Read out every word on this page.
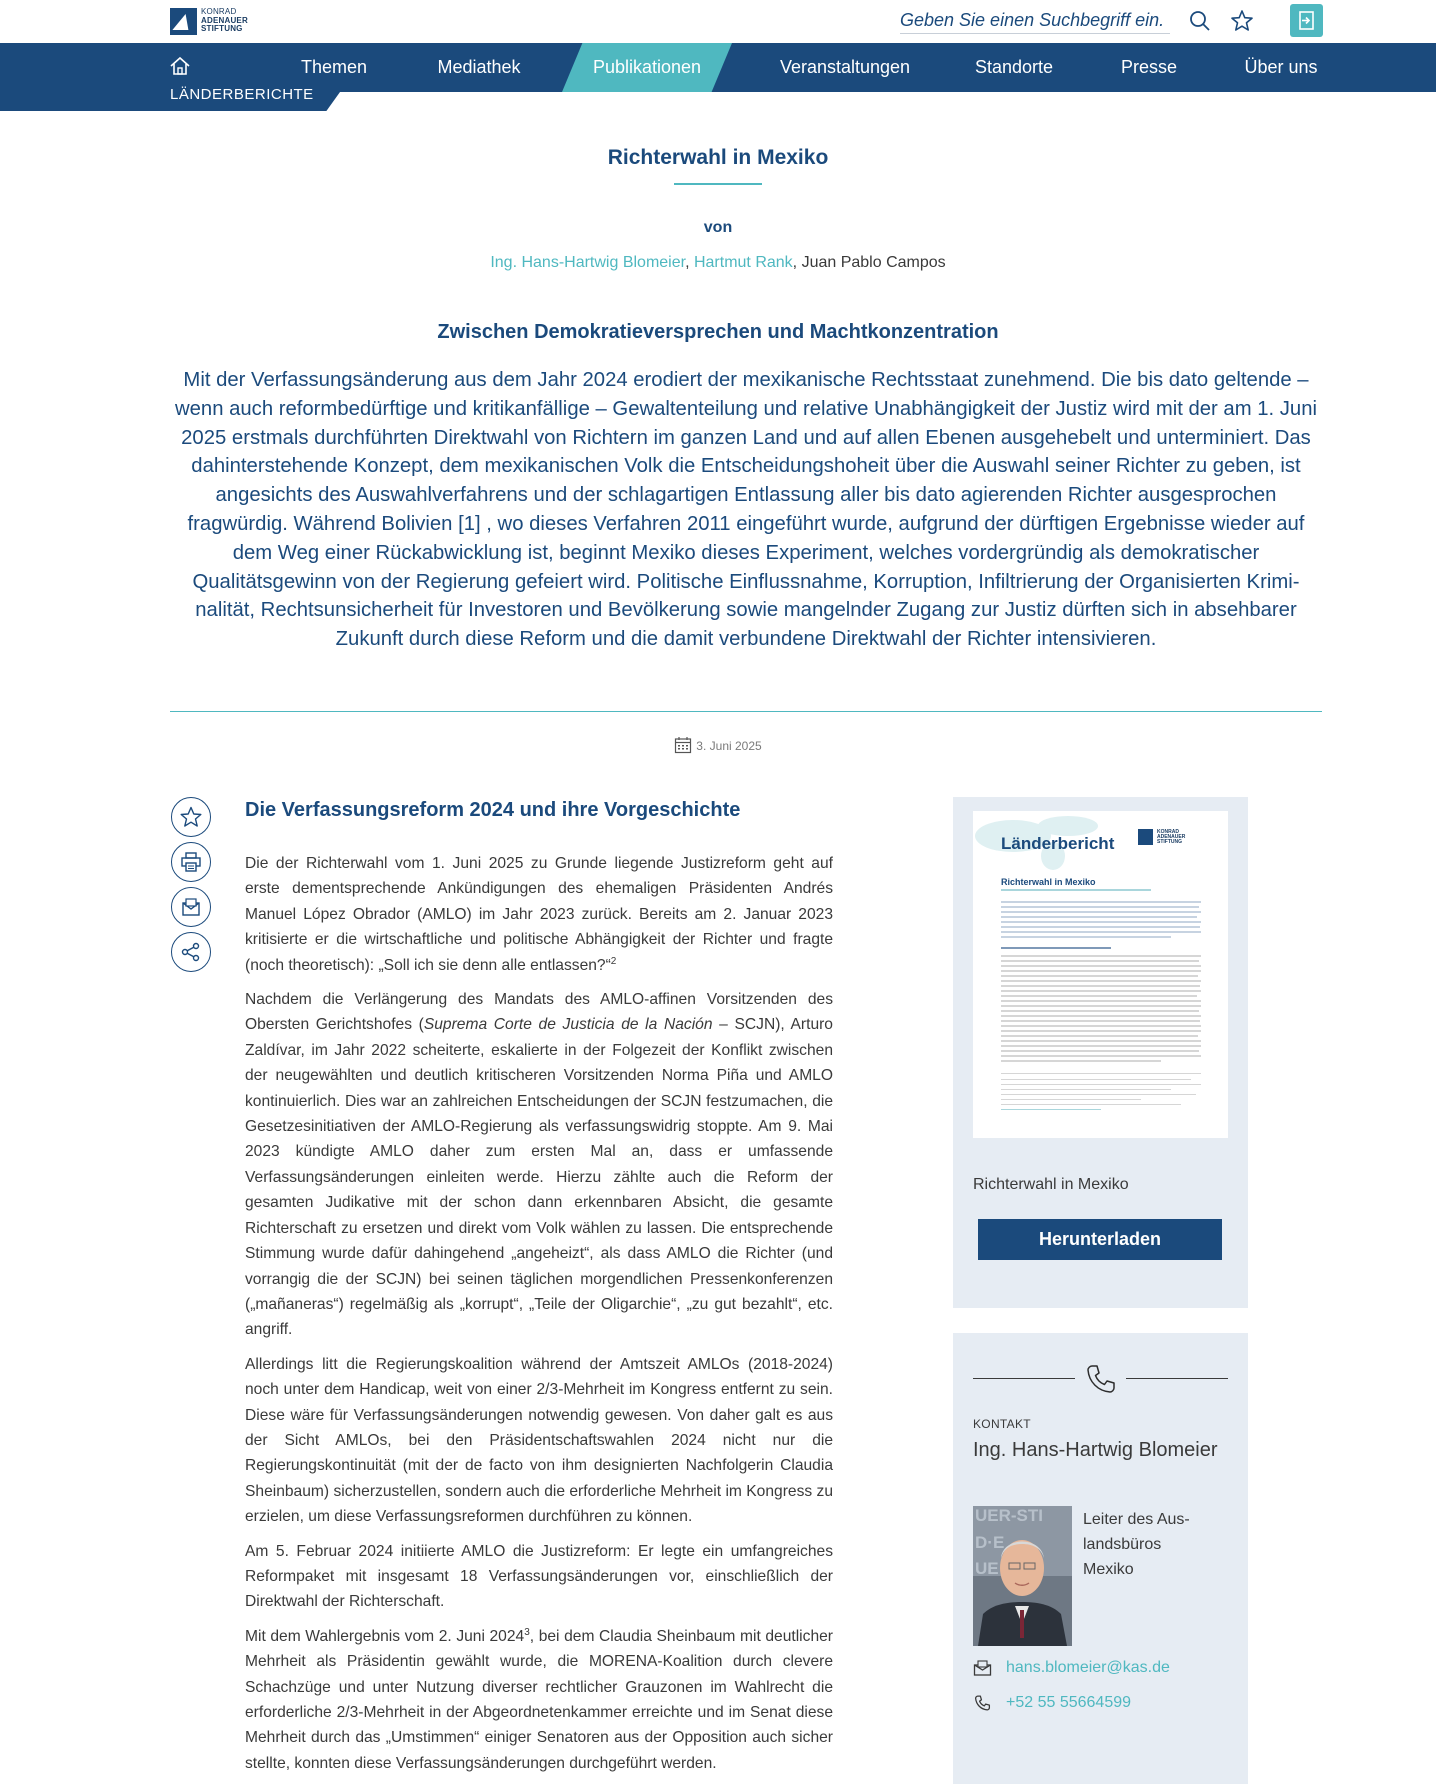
KONRAD
ADENAUER
STIFTUNG
Geben Sie einen Suchbegriff ein.
Themen	Mediathek	Publikationen	Veranstaltungen	Standorte	Presse	Über uns
LÄNDERBERICHTE
Richterwahl in Mexiko
von
Ing. Hans-Hartwig Blomeier, Hartmut Rank, Juan Pablo Campos
Zwischen Demokratieversprechen und Machtkonzentration
Mit der Verfassungsänderung aus dem Jahr 2024 erodiert der mexikanische Rechtsstaat zunehmend. Die bis dato geltende – wenn auch reformbedürftige und kritikanfällige – Gewaltenteilung und relative Unabhängigkeit der Justiz wird mit der am 1. Juni 2025 erstmals durchführten Direktwahl von Richtern im ganzen Land und auf allen Ebenen ausgehebelt und unterminiert. Das dahinterstehende Konzept, dem mexikanischen Volk die Entscheidungshoheit über die Auswahl seiner Richter zu geben, ist angesichts des Auswahlverfahrens und der schlagartigen Entlassung aller bis dato agierenden Richter ausgesprochen fragwürdig. Während Bolivien [1] , wo dieses Verfahren 2011 eingeführt wurde, aufgrund der dürftigen Ergebnisse wieder auf dem Weg einer Rückabwicklung ist, beginnt Mexiko dieses Experiment, welches vordergründig als demokratischer Qualitätsgewinn von der Regierung gefeiert wird. Politische Einflussnahme, Korruption, Infiltrierung der Organisierten Kriminalität, Rechtsunsicherheit für Investoren und Bevölkerung sowie mangelnder Zugang zur Justiz dürften sich in absehbarer Zukunft durch diese Reform und die damit verbundene Direktwahl der Richter intensivieren.
3. Juni 2025
Die Verfassungsreform 2024 und ihre Vorgeschichte

Die der Richterwahl vom 1. Juni 2025 zu Grunde liegende Justizreform geht auf erste dementsprechende Ankündigungen des ehemaligen Präsidenten Andrés Manuel López Obrador (AMLO) im Jahr 2023 zurück. Bereits am 2. Januar 2023 kritisierte er die wirtschaftliche und politische Abhängigkeit der Richter und fragte (noch theoretisch): „Soll ich sie denn alle entlassen?“$^2$

Nachdem die Verlängerung des Mandats des AMLO-affinen Vorsitzenden des Obersten Gerichtshofes (Suprema Corte de Justicia de la Nación – SCJN), Arturo Zaldívar, im Jahr 2022 scheiterte, eskalierte in der Folgezeit der Konflikt zwischen der neugewählten und deutlich kritischeren Vorsitzenden Norma Piña und AMLO kontinuierlich. Dies war an zahlreichen Entscheidungen der SCJN festzumachen, die Gesetzesinitiativen der AMLO-Regierung als verfassungswidrig stoppte. Am 9. Mai 2023 kündigte AMLO daher zum ersten Mal an, dass er umfassende Verfassungsänderungen einleiten werde. Hierzu zählte auch die Reform der gesamten Judikative mit der schon dann erkennbaren Absicht, die gesamte Richterschaft zu ersetzen und direkt vom Volk wählen zu lassen. Die entsprechende Stimmung wurde dafür dahingehend „angeheizt“, als dass AMLO die Richter (und vorrangig die der SCJN) bei seinen täglichen morgendlichen Pressenkonferenzen („mañaneras“) regelmäßig als „korrupt“, „Teile der Oligarchie“, „zu gut bezahlt“, etc. angriff.

Allerdings litt die Regierungskoalition während der Amtszeit AMLOs (2018-2024) noch unter dem Handicap, weit von einer 2/3-Mehrheit im Kongress entfernt zu sein. Diese wäre für Verfassungsänderungen notwendig gewesen. Von daher galt es aus der Sicht AMLOs, bei den Präsidentschaftswahlen 2024 nicht nur die Regierungskontinuität (mit der de facto von ihm designierten Nachfolgerin Claudia Sheinbaum) sicherzustellen, sondern auch die erforderliche Mehrheit im Kongress zu erzielen, um diese Verfassungsreformen durchführen zu können.

Am 5. Februar 2024 initiierte AMLO die Justizreform: Er legte ein umfangreiches Reformpaket mit insgesamt 18 Verfassungsänderungen vor, einschließlich der Direktwahl der Richterschaft.

Mit dem Wahlergebnis vom 2. Juni 2024$^3$, bei dem Claudia Sheinbaum mit deutlicher Mehrheit als Präsidentin gewählt wurde, die MORENA-Koalition durch clevere Schachzüge und unter Nutzung diverser rechtlicher Grauzonen im Wahlrecht die erforderliche 2/3-Mehrheit in der Abgeordnetenkammer erreichte und im Senat diese Mehrheit durch das „Umstimmen“ einiger Senatoren aus der Opposition auch sicher stellte, konnten diese Verfassungsänderungen durchgeführt werden.

Länderbericht
KONRAD
ADENAUER
STIFTUNG
Richterwahl in Mexiko
Richterwahl in Mexiko
Herunterladen
KONTAKT
Ing. Hans-Hartwig Blomeier
UER-STI
D·E
UE
Leiter des Auslandsbüros Mexiko
hans.blomeier@kas.de
+52 55 55664599
